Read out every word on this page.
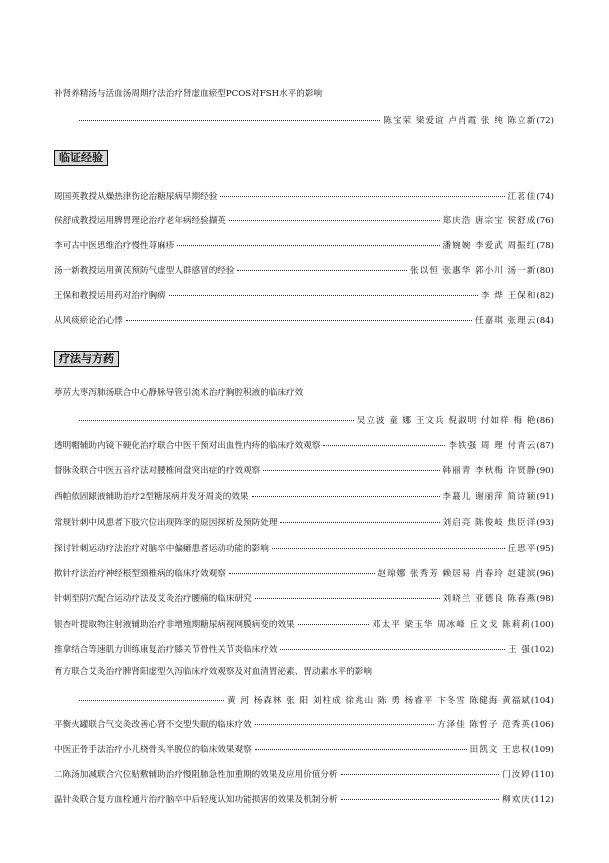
补肾养精汤与活血汤周期疗法治疗肾虚血瘀型PCOS对FSH水平的影响
陈宝荣 梁爱谊 卢肖霞 张 纯 陈立新 (72)
临证经验
周国英教授从燥热津伤论治糖尿病早期经验	江茗佳 (74)
侯舒成教授运用脾胃理论治疗老年病经验撷英	郑庆浩 唐宗宝 侯舒成 (76)
李可古中医思维治疗慢性荨麻疹	潘婉婉 李爱武 周振红 (78)
汤一新教授运用黄芪预防气虚型人群感冒的经验	张以恒 张惠华 郭小川 汤一新 (80)
王保和教授运用药对治疗胸痹	李 烨 王保和 (82)
从风痰瘀论治心悸	任嘉琪 张理云 (84)
疗法与方药
葶苈大枣泻肺汤联合中心静脉导管引流术治疗胸腔积液的临床疗效
吴立波 童 娜 王文兵 倪淑明 付如祥 梅 艳 (86)
透明帽辅助内镜下硬化治疗联合中医干预对出血性内痔的临床疗效观察	李铁强 周 理 付青云 (87)
督脉灸联合中医五音疗法对腰椎间盘突出症的疗效观察	韩丽青 李秋梅 许贤静 (90)
西帕依固龈液辅助治疗2型糖尿病并发牙周炎的效果	李蕞儿 谢丽萍 简诗颖 (91)
常规针刺中风患者下肢穴位出现阵挛的原因探析及预防处理	刘启亮 陈俊岐 焦臣洋 (93)
探讨针刺运动疗法治疗对脑卒中偏瘫患者运动功能的影响	丘思平 (95)
揿针疗法治疗神经根型颈椎病的临床疗效观察	赵琼娜 张秀芳 赖居易 肖春玲 赵建滨 (96)
针刺至阴穴配合运动疗法及艾灸治疗腰痛的临床研究	刘晓兰 亚德良 陈春燕 (98)
银杏叶提取物注射液辅助治疗非增殖期糖尿病视网膜病变的效果	邓太平 梁玉华 周冰峰 丘文戈 陈莉莉 (100)
推拿结合等速肌力训练康复治疗膝关节骨性关节炎临床疗效	王 强 (102)
育方联合艾灸治疗脾肾阳虚型久泻临床疗效观察及对血清胃泌素、胃动素水平的影响
黄 河 杨森林 张 阳 刘柱成 徐兆山 陈 勇 杨睿平 卞冬雪 陈健海 黄福斌 (104)
平衡火罐联合气交灸改善心肾不交型失眠的临床疗效	方泽佳 陈哲子 范秀英 (106)
中医正骨手法治疗小儿桡骨头半脱位的临床效果观察	田凯文 王忠权 (109)
二陈汤加减联合穴位贴敷辅助治疗慢阻肺急性加重期的效果及应用价值分析	门汝婷 (110)
温针灸联合复方血栓通片治疗脑卒中后轻度认知功能损害的效果及机制分析	柳欢庆 (112)
